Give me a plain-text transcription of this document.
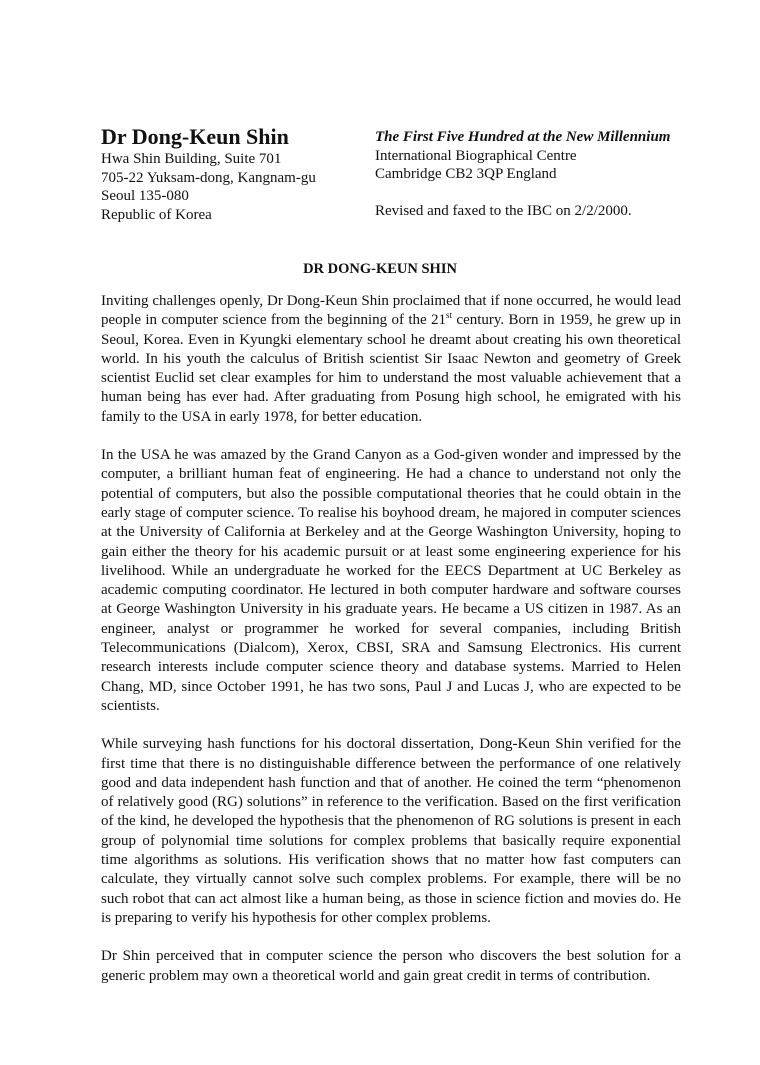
Dr Dong-Keun Shin
Hwa Shin Building, Suite 701
705-22 Yuksam-dong, Kangnam-gu
Seoul 135-080
Republic of Korea
The First Five Hundred at the New Millennium
International Biographical Centre
Cambridge CB2 3QP England
Revised and faxed to the IBC on 2/2/2000.
DR DONG-KEUN SHIN

Inviting challenges openly, Dr Dong-Keun Shin proclaimed that if none occurred, he would lead people in computer science from the beginning of the 21st century. Born in 1959, he grew up in Seoul, Korea. Even in Kyungki elementary school he dreamt about creating his own theoretical world. In his youth the calculus of British scientist Sir Isaac Newton and geometry of Greek scientist Euclid set clear examples for him to understand the most valuable achievement that a human being has ever had. After graduating from Posung high school, he emigrated with his family to the USA in early 1978, for better education.

In the USA he was amazed by the Grand Canyon as a God-given wonder and impressed by the computer, a brilliant human feat of engineering. He had a chance to understand not only the potential of computers, but also the possible computational theories that he could obtain in the early stage of computer science. To realise his boyhood dream, he majored in computer sciences at the University of California at Berkeley and at the George Washington University, hoping to gain either the theory for his academic pursuit or at least some engineering experience for his livelihood. While an undergraduate he worked for the EECS Department at UC Berkeley as academic computing coordinator. He lectured in both computer hardware and software courses at George Washington University in his graduate years. He became a US citizen in 1987. As an engineer, analyst or programmer he worked for several companies, including British Telecommunications (Dialcom), Xerox, CBSI, SRA and Samsung Electronics. His current research interests include computer science theory and database systems. Married to Helen Chang, MD, since October 1991, he has two sons, Paul J and Lucas J, who are expected to be scientists.

While surveying hash functions for his doctoral dissertation, Dong-Keun Shin verified for the first time that there is no distinguishable difference between the performance of one relatively good and data independent hash function and that of another. He coined the term “phenomenon of relatively good (RG) solutions” in reference to the verification. Based on the first verification of the kind, he developed the hypothesis that the phenomenon of RG solutions is present in each group of polynomial time solutions for complex problems that basically require exponential time algorithms as solutions. His verification shows that no matter how fast computers can calculate, they virtually cannot solve such complex problems. For example, there will be no such robot that can act almost like a human being, as those in science fiction and movies do. He is preparing to verify his hypothesis for other complex problems.

Dr Shin perceived that in computer science the person who discovers the best solution for a generic problem may own a theoretical world and gain great credit in terms of contribution.
